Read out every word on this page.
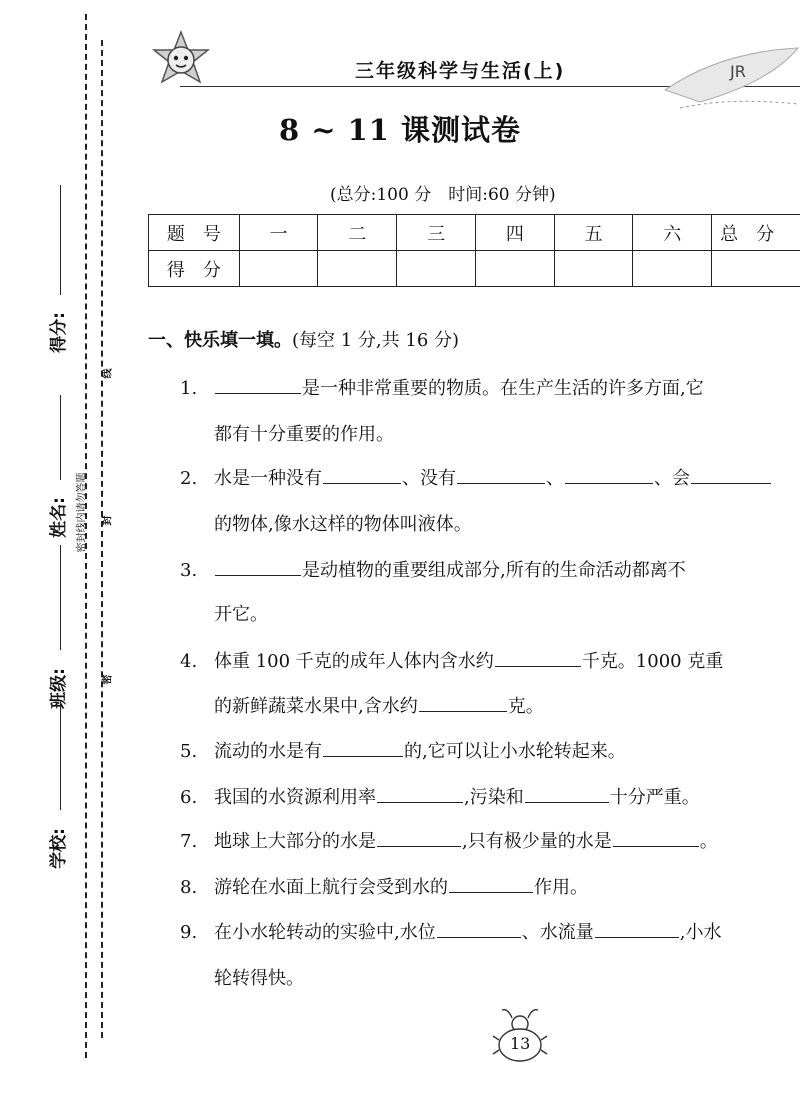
得分:
姓名:
班级:
学校:
密封线内请勿答题
线
封
密
三年级科学与生活(上)	JR
8 ~ 11 课测试卷
(总分:100 分　时间:60 分钟)
题　号	一	二	三	四	五	六	总　分
得　分							
一、快乐填一填。(每空 1 分,共 16 分)
1.	是一种非常重要的物质。在生产生活的许多方面,它
都有十分重要的作用。
2. 水是一种没有	、没有	、	、会
的物体,像水这样的物体叫液体。
3.	是动植物的重要组成部分,所有的生命活动都离不
开它。
4. 体重 100 千克的成年人体内含水约	千克。1000 克重
的新鲜蔬菜水果中,含水约	克。
5. 流动的水是有	的,它可以让小水轮转起来。
6. 我国的水资源利用率	,污染和	十分严重。
7. 地球上大部分的水是	,只有极少量的水是	。
8. 游轮在水面上航行会受到水的	作用。
9. 在小水轮转动的实验中,水位	、水流量	,小水
轮转得快。
13
